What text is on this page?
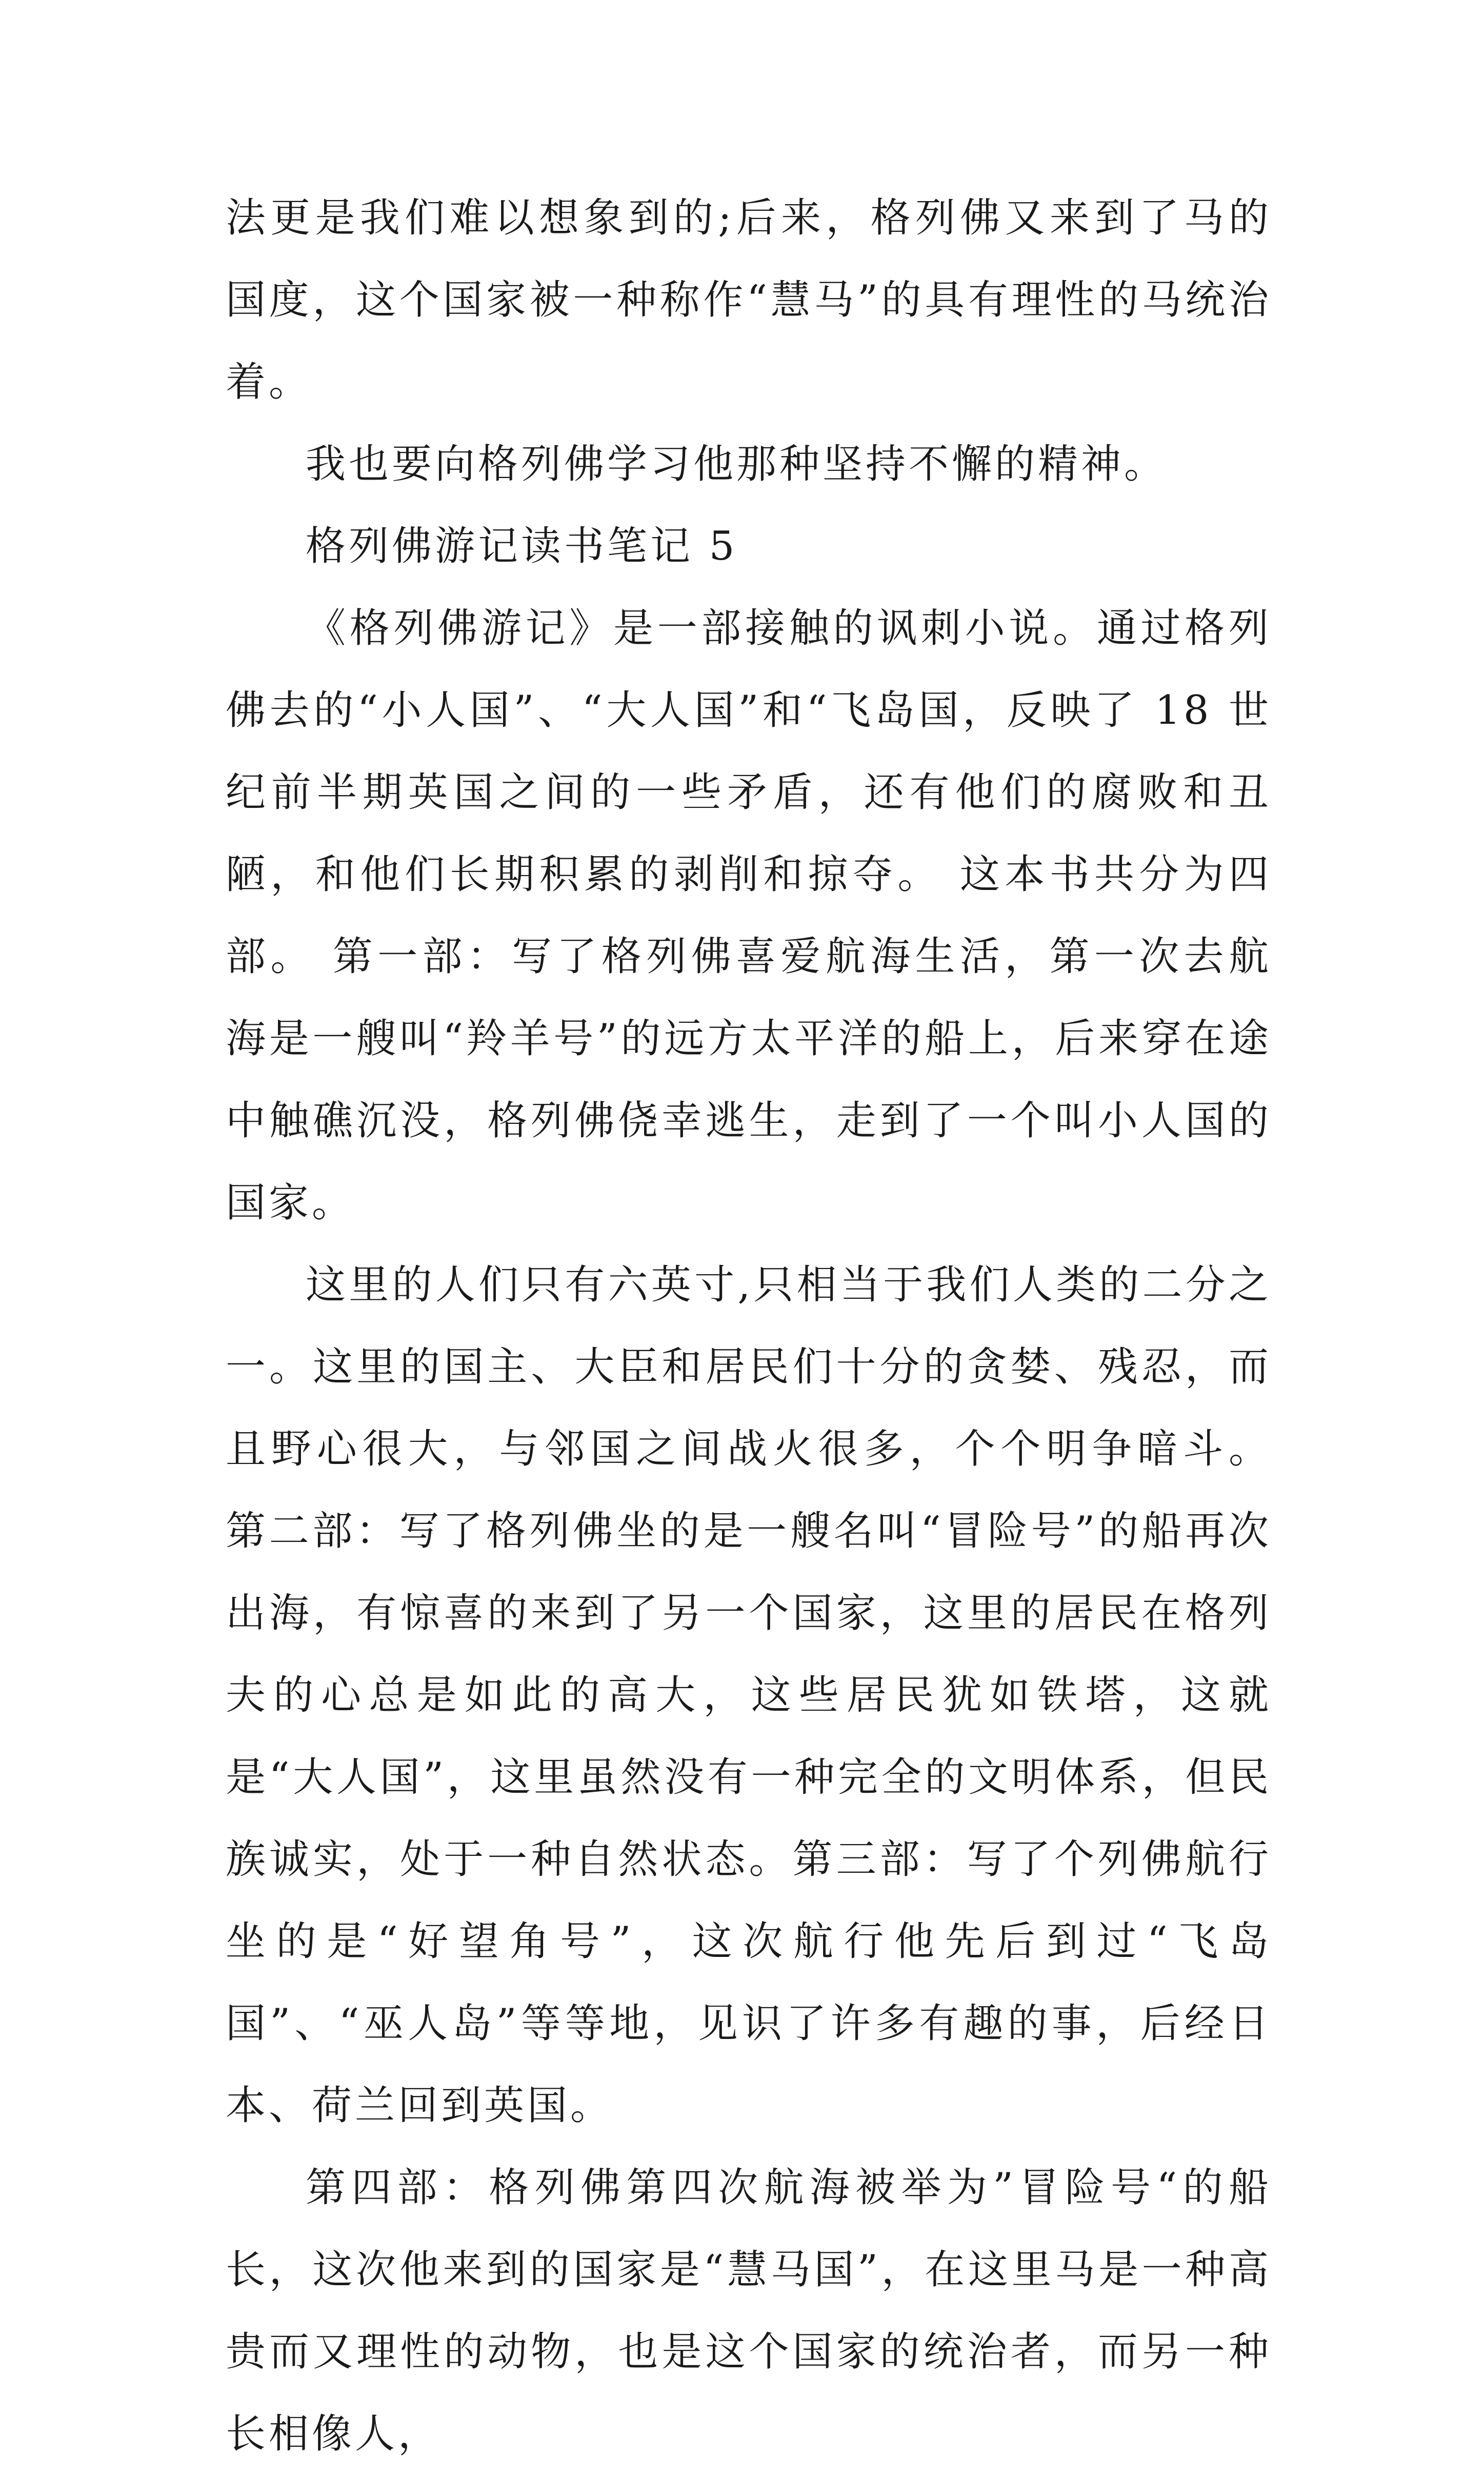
法更是我们难以想象到的;后来，格列佛又来到了马的国度，这个国家被一种称作“慧马”的具有理性的马统治着。

我也要向格列佛学习他那种坚持不懈的精神。

格列佛游记读书笔记 5

《格列佛游记》是一部接触的讽刺小说。通过格列佛去的“小人国”、“大人国”和“飞岛国，反映了 18 世纪前半期英国之间的一些矛盾，还有他们的腐败和丑陋，和他们长期积累的剥削和掠夺。 这本书共分为四部。 第一部：写了格列佛喜爱航海生活，第一次去航海是一艘叫“羚羊号”的远方太平洋的船上，后来穿在途中触礁沉没，格列佛侥幸逃生，走到了一个叫小人国的国家。

这里的人们只有六英寸,只相当于我们人类的二分之一。这里的国主、大臣和居民们十分的贪婪、残忍，而且野心很大，与邻国之间战火很多，个个明争暗斗。 第二部：写了格列佛坐的是一艘名叫“冒险号”的船再次出海，有惊喜的来到了另一个国家，这里的居民在格列夫的心总是如此的高大，这些居民犹如铁塔，这就是“大人国”，这里虽然没有一种完全的文明体系，但民族诚实，处于一种自然状态。第三部：写了个列佛航行坐的是“好望角号”，这次航行他先后到过“飞岛国”、“巫人岛”等等地，见识了许多有趣的事，后经日本、荷兰回到英国。

第四部：格列佛第四次航海被举为”冒险号“的船长，这次他来到的国家是“慧马国”，在这里马是一种高贵而又理性的动物，也是这个国家的统治者，而另一种长相像人，
